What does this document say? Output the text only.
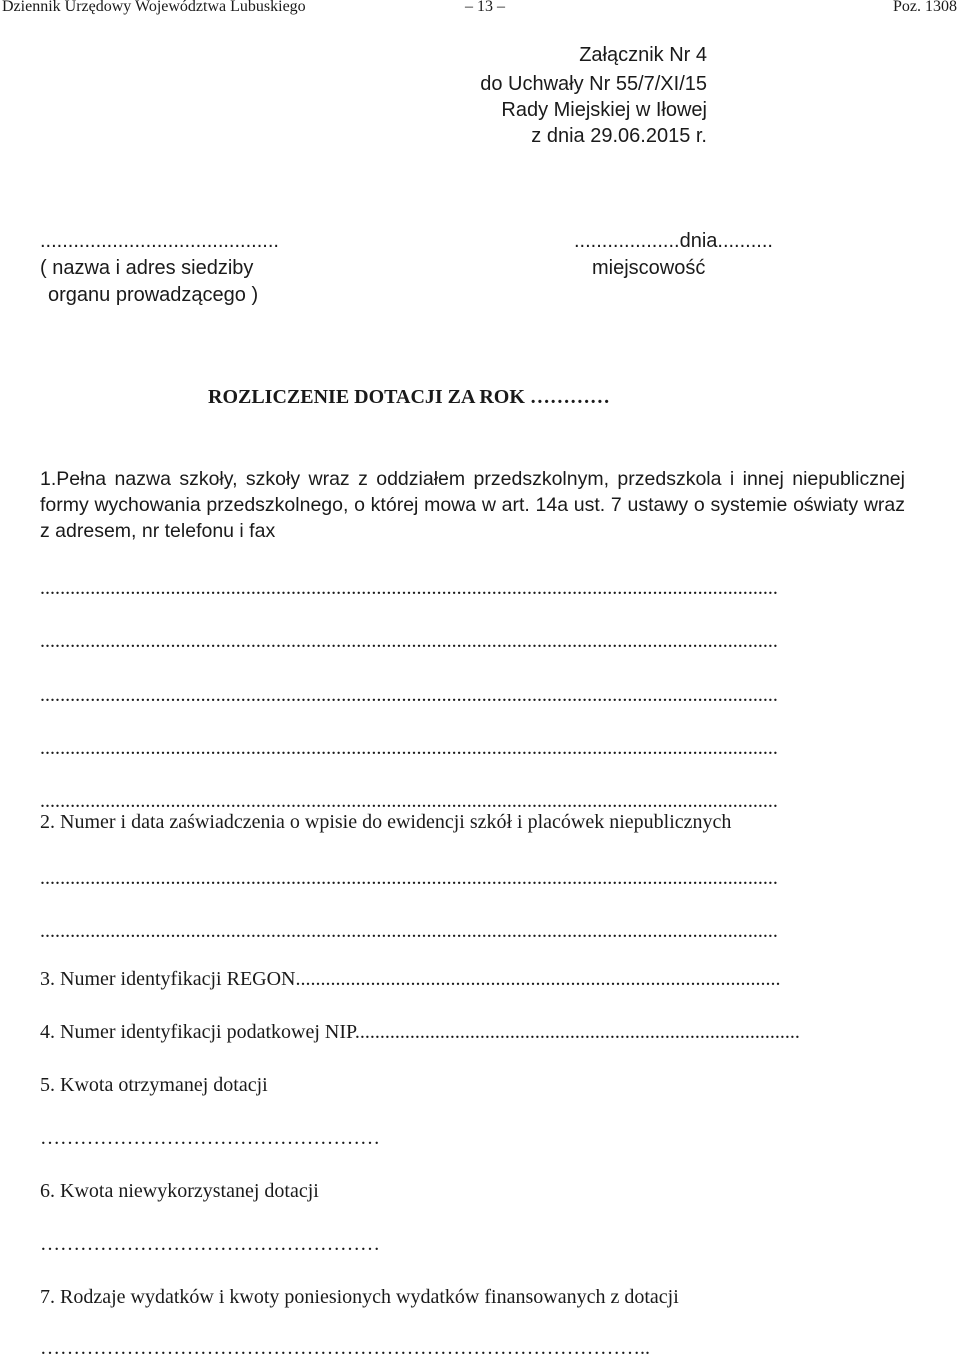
Dziennik Urzędowy Województwa Lubuskiego	– 13 –	Poz. 1308
Załącznik Nr 4
do Uchwały Nr 55/7/XI/15
Rady Miejskiej w Iłowej
z dnia 29.06.2015 r.
...........................................
( nazwa i adres siedziby
organu prowadzącego )
...................dnia..........
miejscowość
ROZLICZENIE DOTACJI ZA ROK …………
1.Pełna nazwa szkoły, szkoły wraz z oddziałem przedszkolnym, przedszkola i innej niepublicznej formy wychowania przedszkolnego, o której mowa w art. 14a ust. 7 ustawy o systemie oświaty wraz z adresem, nr telefonu i fax
...................................................................................................................................................
...................................................................................................................................................
...................................................................................................................................................
...................................................................................................................................................
...................................................................................................................................................
2. Numer i data zaświadczenia o wpisie do ewidencji szkół i placówek niepublicznych
...................................................................................................................................................
...................................................................................................................................................
3. Numer identyfikacji REGON.................................................................................................
4. Numer identyfikacji podatkowej NIP.........................................................................................
5. Kwota otrzymanej dotacji
……………………………………………
6. Kwota niewykorzystanej dotacji
……………………………………………
7. Rodzaje wydatków i kwoty poniesionych wydatków finansowanych z dotacji
………………………………………………………………………………..
